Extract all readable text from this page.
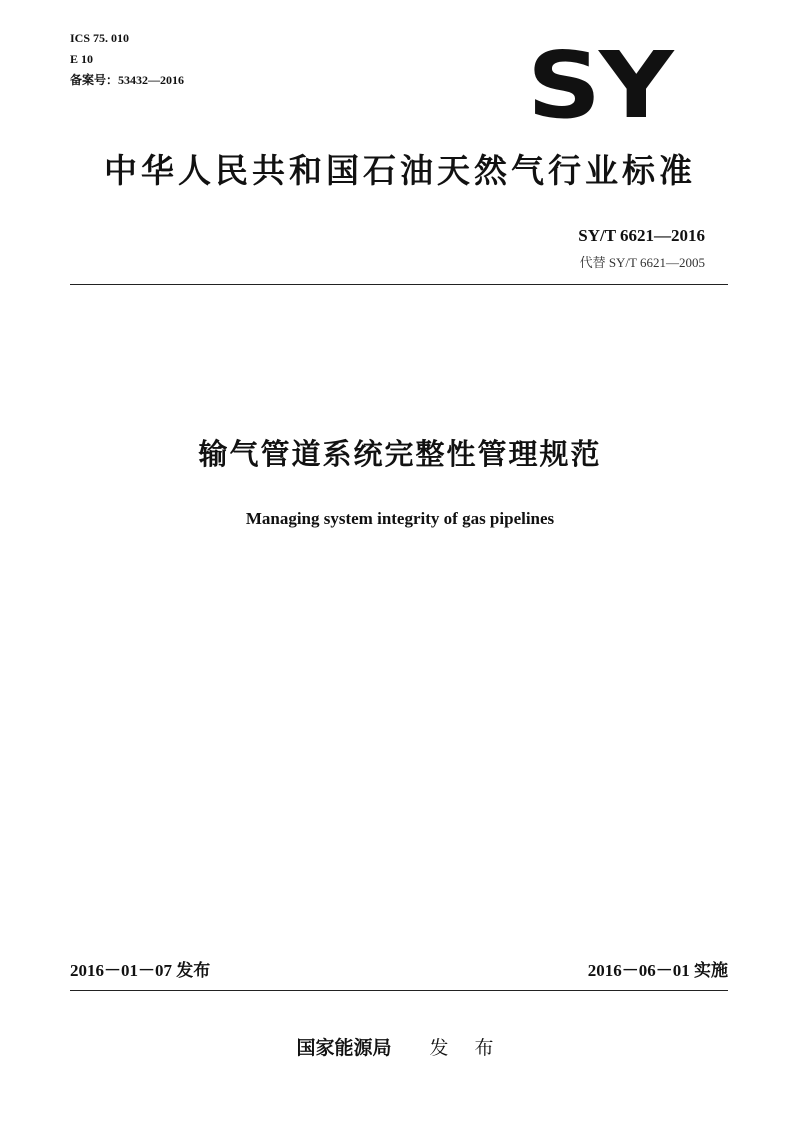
ICS 75. 010
E 10
备案号：53432—2016	SY
中华人民共和国石油天然气行业标准
SY/T 6621—2016
代替 SY/T 6621—2005
输气管道系统完整性管理规范
Managing system integrity of gas pipelines
2016－01－07 发布	2016－06－01 实施
国家能源局 发 布
